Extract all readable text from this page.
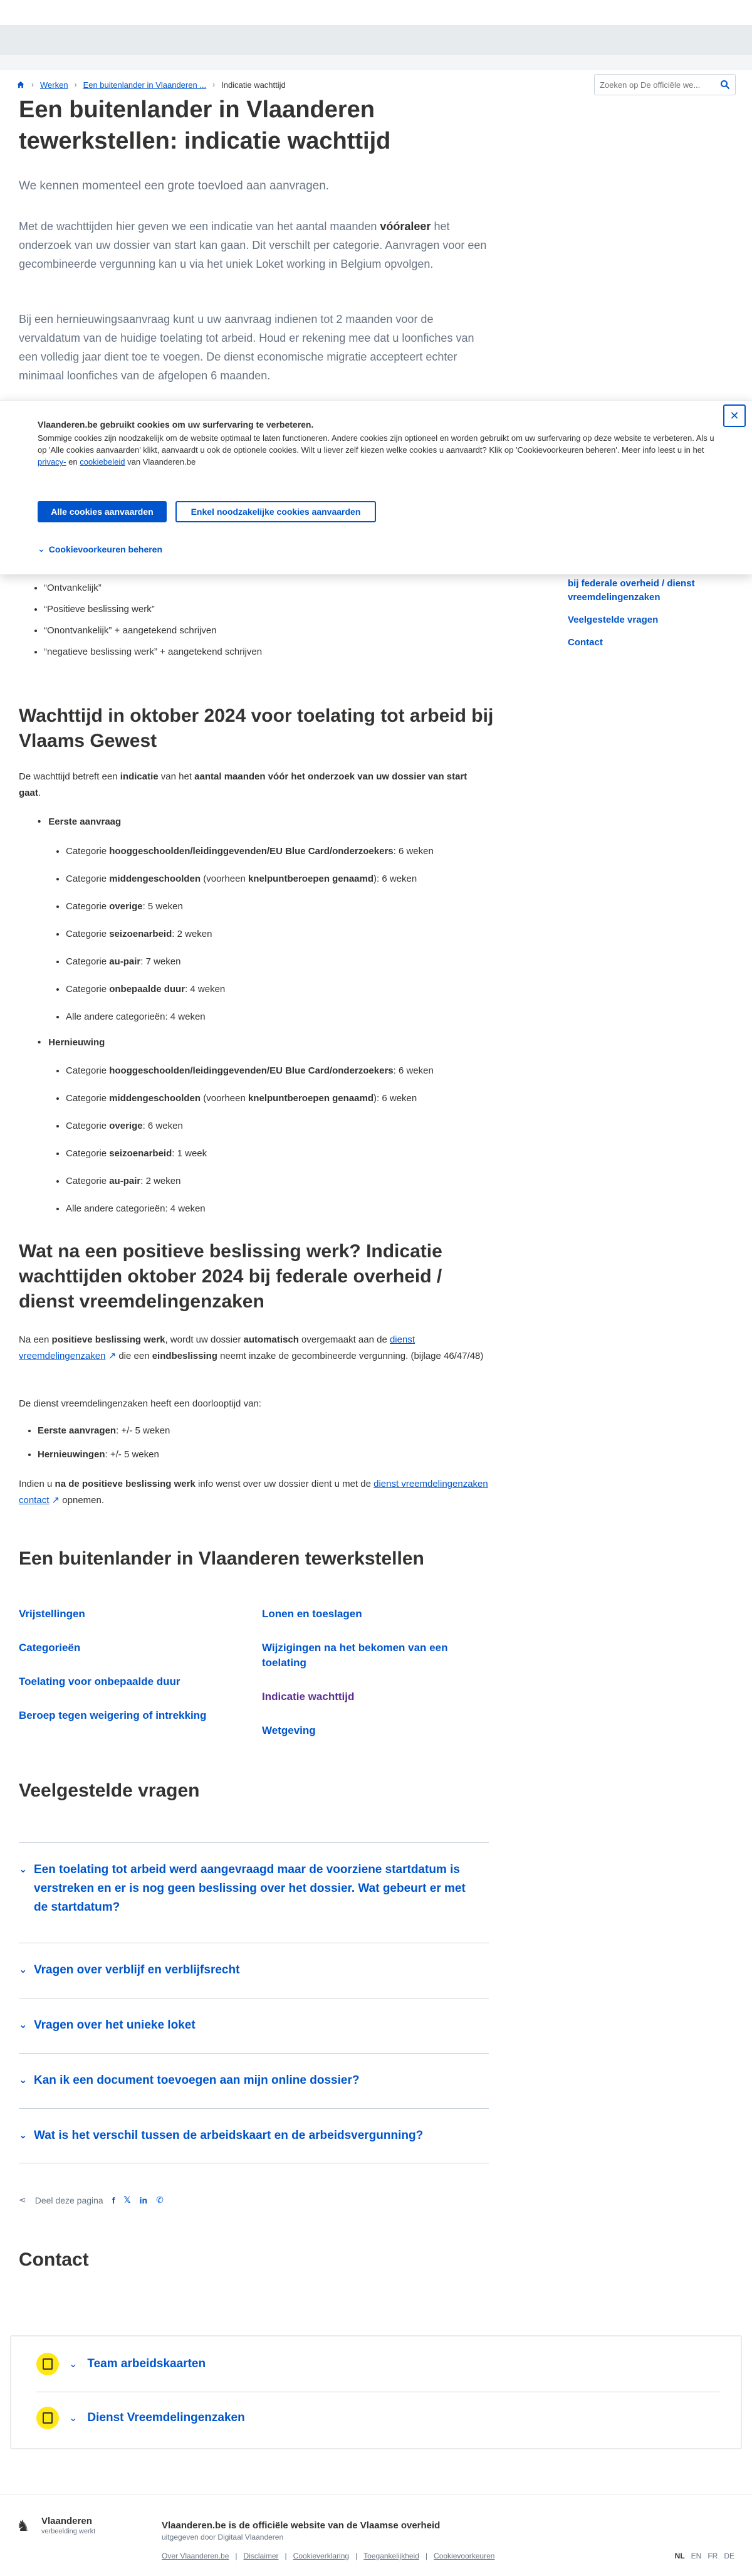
› Werken › Een buitenlander in Vlaanderen ... › Indicatie wachttijd
Zoeken op De officiële we...
Een buitenlander in Vlaanderen tewerkstellen: indicatie wachttijd

We kennen momenteel een grote toevloed aan aanvragen.

Met de wachttijden hier geven we een indicatie van het aantal maanden vóóraleer het onderzoek van uw dossier van start kan gaan. Dit verschilt per categorie. Aanvragen voor een gecombineerde vergunning kan u via het uniek Loket working in Belgium opvolgen.

Bij een hernieuwingsaanvraag kunt u uw aanvraag indienen tot 2 maanden voor de vervaldatum van de huidige toelating tot arbeid. Houd er rekening mee dat u loonfiches van een volledig jaar dient toe te voegen. De dienst economische migratie accepteert echter minimaal loonfiches van de afgelopen 6 maanden.

✕
Vlaanderen.be gebruikt cookies om uw surfervaring te verbeteren.
Sommige cookies zijn noodzakelijk om de website optimaal te laten functioneren. Andere cookies zijn optioneel en worden gebruikt om uw surfervaring op deze website te verbeteren. Als u op 'Alle cookies aanvaarden' klikt, aanvaardt u ook de optionele cookies. Wilt u liever zelf kiezen welke cookies u aanvaardt? Klik op 'Cookievoorkeuren beheren'. Meer info leest u in het privacy- en cookiebeleid van Vlaanderen.be
Alle cookies aanvaarden	Enkel noodzakelijke cookies aanvaarden
⌄ Cookievoorkeuren beheren
• “Ontvankelijk”
• “Positieve beslissing werk”
• “Onontvankelijk” + aangetekend schrijven
• “negatieve beslissing werk” + aangetekend schrijven
bij federale overheid / dienst vreemdelingenzaken
Veelgestelde vragen
Contact
Wachttijd in oktober 2024 voor toelating tot arbeid bij Vlaams Gewest

De wachttijd betreft een indicatie van het aantal maanden vóór het onderzoek van uw dossier van start gaat.

• Eerste aanvraag
• Categorie hooggeschoolden/leidinggevenden/EU Blue Card/onderzoekers: 6 weken
• Categorie middengeschoolden (voorheen knelpuntberoepen genaamd): 6 weken
• Categorie overige: 5 weken
• Categorie seizoenarbeid: 2 weken
• Categorie au-pair: 7 weken
• Categorie onbepaalde duur: 4 weken
• Alle andere categorieën: 4 weken
• Hernieuwing
• Categorie hooggeschoolden/leidinggevenden/EU Blue Card/onderzoekers: 6 weken
• Categorie middengeschoolden (voorheen knelpuntberoepen genaamd): 6 weken
• Categorie overige: 6 weken
• Categorie seizoenarbeid: 1 week
• Categorie au-pair: 2 weken
• Alle andere categorieën: 4 weken
Wat na een positieve beslissing werk? Indicatie wachttijden oktober 2024 bij federale overheid / dienst vreemdelingenzaken

Na een positieve beslissing werk, wordt uw dossier automatisch overgemaakt aan de dienst vreemdelingenzaken ↗ die een eindbeslissing neemt inzake de gecombineerde vergunning. (bijlage 46/47/48)

De dienst vreemdelingenzaken heeft een doorlooptijd van:

• Eerste aanvragen: +/- 5 weken
• Hernieuwingen: +/- 5 weken

Indien u na de positieve beslissing werk info wenst over uw dossier dient u met de dienst vreemdelingenzaken contact ↗ opnemen.

Een buitenlander in Vlaanderen tewerkstellen
Vrijstellingen
Categorieën
Toelating voor onbepaalde duur
Beroep tegen weigering of intrekking
Lonen en toeslagen
Wijzigingen na het bekomen van een toelating
Indicatie wachttijd
Wetgeving
Veelgestelde vragen
⌄ Een toelating tot arbeid werd aangevraagd maar de voorziene startdatum is verstreken en er is nog geen beslissing over het dossier. Wat gebeurt er met de startdatum?
⌄ Vragen over verblijf en verblijfsrecht
⌄ Vragen over het unieke loket
⌄ Kan ik een document toevoegen aan mijn online dossier?
⌄ Wat is het verschil tussen de arbeidskaart en de arbeidsvergunning?
⋖ Deel deze pagina f 𝕏 in ✆
Contact
⌄ Team arbeidskaarten
⌄ Dienst Vreemdelingenzaken
♞	Vlaanderen
verbeelding werkt
Vlaanderen.be is de officiële website van de Vlaamse overheid
uitgegeven door Digitaal Vlaanderen
Over Vlaanderen.be | Disclaimer | Cookieverklaring | Toegankelijkheid | Cookievoorkeuren	NL EN FR DE
